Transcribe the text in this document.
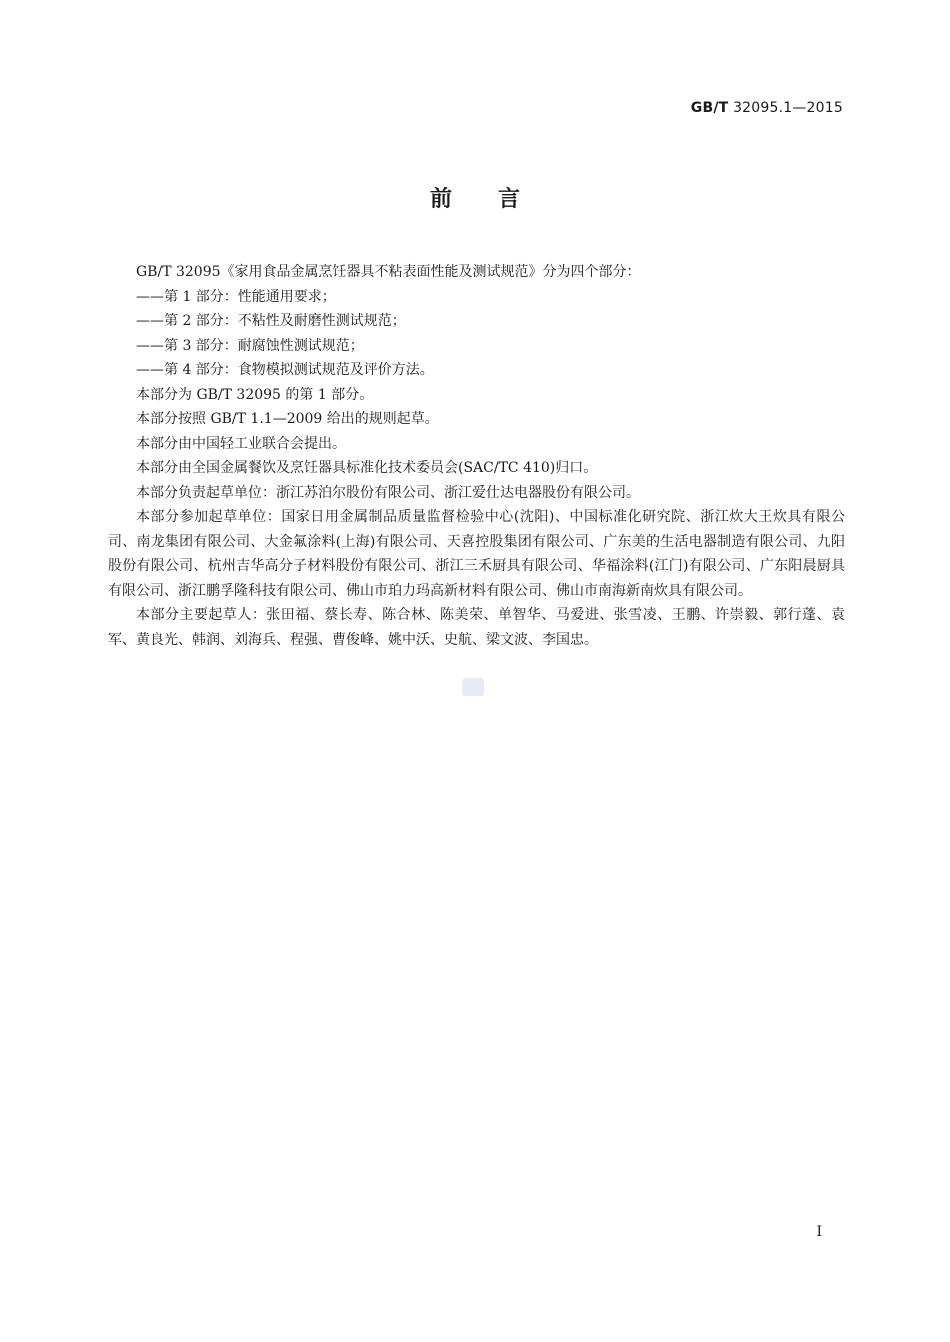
GB/T 32095.1—2015
前言

GB/T 32095《家用食品金属烹饪器具不粘表面性能及测试规范》分为四个部分：

——第 1 部分：性能通用要求；

——第 2 部分：不粘性及耐磨性测试规范；

——第 3 部分：耐腐蚀性测试规范；

——第 4 部分：食物模拟测试规范及评价方法。

本部分为 GB/T 32095 的第 1 部分。

本部分按照 GB/T 1.1—2009 给出的规则起草。

本部分由中国轻工业联合会提出。

本部分由全国金属餐饮及烹饪器具标准化技术委员会(SAC/TC 410)归口。

本部分负责起草单位：浙江苏泊尔股份有限公司、浙江爱仕达电器股份有限公司。

本部分参加起草单位：国家日用金属制品质量监督检验中心(沈阳)、中国标准化研究院、浙江炊大王炊具有限公司、南龙集团有限公司、大金氟涂料(上海)有限公司、天喜控股集团有限公司、广东美的生活电器制造有限公司、九阳股份有限公司、杭州吉华高分子材料股份有限公司、浙江三禾厨具有限公司、华福涂料(江门)有限公司、广东阳晨厨具有限公司、浙江鹏孚隆科技有限公司、佛山市珀力玛高新材料有限公司、佛山市南海新南炊具有限公司。

本部分主要起草人：张田福、蔡长寿、陈合林、陈美荣、单智华、马爱进、张雪凌、王鹏、许崇毅、郭行蓬、袁军、黄良光、韩润、刘海兵、程强、曹俊峰、姚中沃、史航、梁文波、李国忠。

I
